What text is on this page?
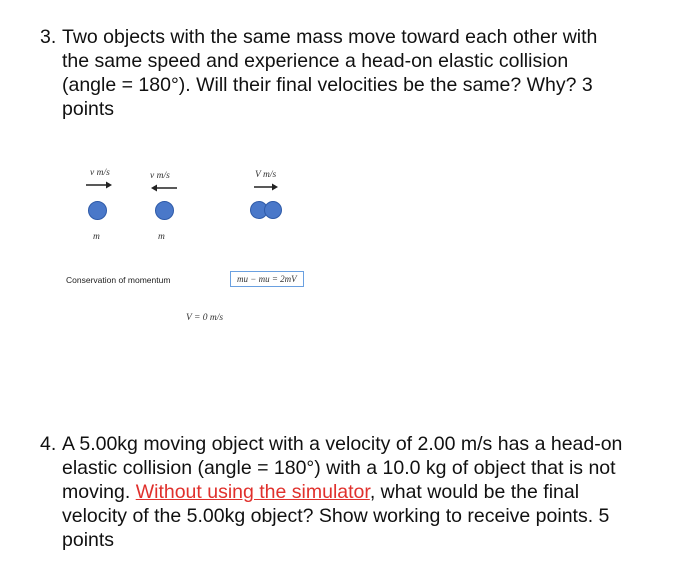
3. Two objects with the same mass move toward each other with
the same speed and experience a head-on elastic collision
(angle = 180°). Will their final velocities be the same? Why? 3
points
v m/s
m
v m/s
m
V m/s
Conservation of momentum	mu − mu = 2mV
V = 0 m/s
4. A 5.00kg moving object with a velocity of 2.00 m/s has a head-on
elastic collision (angle = 180°) with a 10.0 kg of object that is not
moving. Without using the simulator, what would be the final
velocity of the 5.00kg object? Show working to receive points. 5
points
